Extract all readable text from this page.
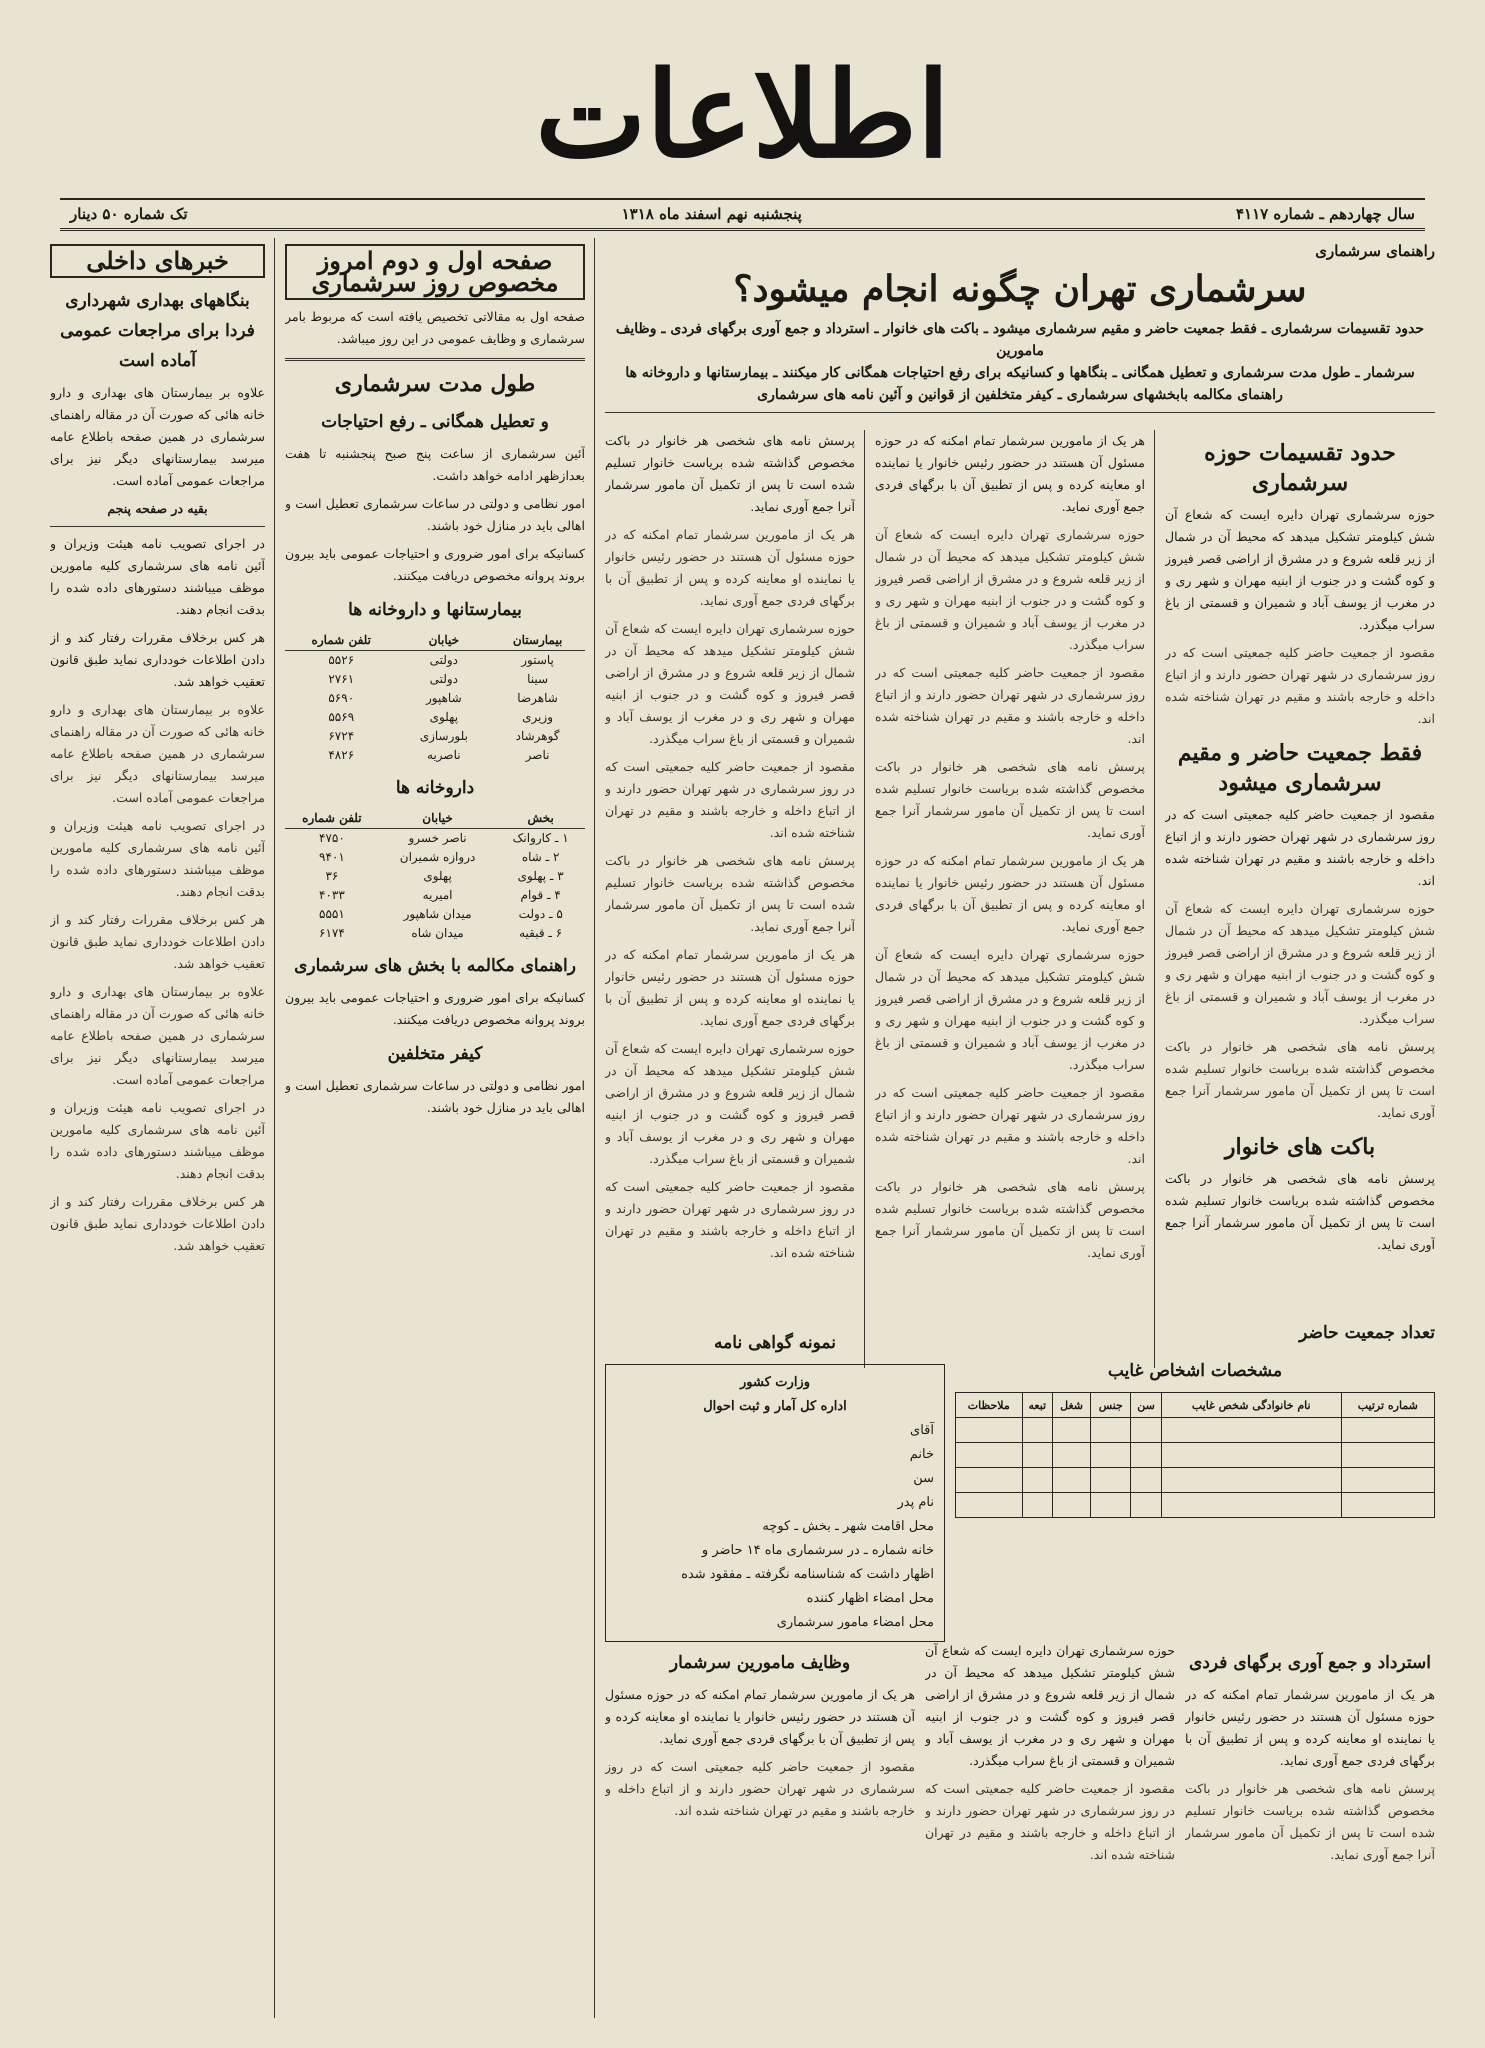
اطلاعات
سال چهاردهم ـ شماره ۴۱۱۷
پنجشنبه نهم اسفند ماه ۱۳۱۸
تک شماره ۵۰ دینار
راهنمای سرشماری
سرشماری تهران چگونه انجام میشود؟
حدود تقسیمات سرشماری ـ فقط جمعیت حاضر و مقیم سرشماری میشود ـ باکت های خانوار ـ استرداد و جمع آوری برگهای فردی ـ وظایف مامورین
سرشمار ـ طول مدت سرشماری و تعطیل همگانی ـ بنگاهها و کسانیکه برای رفع احتیاجات همگانی کار میکنند ـ بیمارستانها و داروخانه ها
راهنمای مکالمه بابخشهای سرشماری ـ کیفر متخلفین از قوانین و آئین نامه های سرشماری
حدود تقسیمات حوزه سرشماری

حوزه سرشماری تهران دایره ایست که شعاع آن شش کیلومتر تشکیل میدهد که محیط آن در شمال از زیر قلعه شروع و در مشرق از اراضی قصر فیروز و کوه گشت و در جنوب از ابنیه مهران و شهر ری و در مغرب از یوسف آباد و شمیران و قسمتی از باغ سراب میگذرد.

مقصود از جمعیت حاضر کلیه جمعیتی است که در روز سرشماری در شهر تهران حضور دارند و از اتباع داخله و خارجه باشند و مقیم در تهران شناخته شده اند.

فقط جمعیت حاضر و مقیم سرشماری میشود

مقصود از جمعیت حاضر کلیه جمعیتی است که در روز سرشماری در شهر تهران حضور دارند و از اتباع داخله و خارجه باشند و مقیم در تهران شناخته شده اند.

حوزه سرشماری تهران دایره ایست که شعاع آن شش کیلومتر تشکیل میدهد که محیط آن در شمال از زیر قلعه شروع و در مشرق از اراضی قصر فیروز و کوه گشت و در جنوب از ابنیه مهران و شهر ری و در مغرب از یوسف آباد و شمیران و قسمتی از باغ سراب میگذرد.

پرسش نامه های شخصی هر خانوار در باکت مخصوص گذاشته شده بریاست خانوار تسلیم شده است تا پس از تکمیل آن مامور سرشمار آنرا جمع آوری نماید.

باکت های خانوار

پرسش نامه های شخصی هر خانوار در باکت مخصوص گذاشته شده بریاست خانوار تسلیم شده است تا پس از تکمیل آن مامور سرشمار آنرا جمع آوری نماید.

هر یک از مامورین سرشمار تمام امکنه که در حوزه مسئول آن هستند در حضور رئیس خانوار یا نماینده او معاینه کرده و پس از تطبیق آن با برگهای فردی جمع آوری نماید.

حوزه سرشماری تهران دایره ایست که شعاع آن شش کیلومتر تشکیل میدهد که محیط آن در شمال از زیر قلعه شروع و در مشرق از اراضی قصر فیروز و کوه گشت و در جنوب از ابنیه مهران و شهر ری و در مغرب از یوسف آباد و شمیران و قسمتی از باغ سراب میگذرد.

مقصود از جمعیت حاضر کلیه جمعیتی است که در روز سرشماری در شهر تهران حضور دارند و از اتباع داخله و خارجه باشند و مقیم در تهران شناخته شده اند.

پرسش نامه های شخصی هر خانوار در باکت مخصوص گذاشته شده بریاست خانوار تسلیم شده است تا پس از تکمیل آن مامور سرشمار آنرا جمع آوری نماید.

هر یک از مامورین سرشمار تمام امکنه که در حوزه مسئول آن هستند در حضور رئیس خانوار یا نماینده او معاینه کرده و پس از تطبیق آن با برگهای فردی جمع آوری نماید.

حوزه سرشماری تهران دایره ایست که شعاع آن شش کیلومتر تشکیل میدهد که محیط آن در شمال از زیر قلعه شروع و در مشرق از اراضی قصر فیروز و کوه گشت و در جنوب از ابنیه مهران و شهر ری و در مغرب از یوسف آباد و شمیران و قسمتی از باغ سراب میگذرد.

مقصود از جمعیت حاضر کلیه جمعیتی است که در روز سرشماری در شهر تهران حضور دارند و از اتباع داخله و خارجه باشند و مقیم در تهران شناخته شده اند.

پرسش نامه های شخصی هر خانوار در باکت مخصوص گذاشته شده بریاست خانوار تسلیم شده است تا پس از تکمیل آن مامور سرشمار آنرا جمع آوری نماید.

پرسش نامه های شخصی هر خانوار در باکت مخصوص گذاشته شده بریاست خانوار تسلیم شده است تا پس از تکمیل آن مامور سرشمار آنرا جمع آوری نماید.

هر یک از مامورین سرشمار تمام امکنه که در حوزه مسئول آن هستند در حضور رئیس خانوار یا نماینده او معاینه کرده و پس از تطبیق آن با برگهای فردی جمع آوری نماید.

حوزه سرشماری تهران دایره ایست که شعاع آن شش کیلومتر تشکیل میدهد که محیط آن در شمال از زیر قلعه شروع و در مشرق از اراضی قصر فیروز و کوه گشت و در جنوب از ابنیه مهران و شهر ری و در مغرب از یوسف آباد و شمیران و قسمتی از باغ سراب میگذرد.

مقصود از جمعیت حاضر کلیه جمعیتی است که در روز سرشماری در شهر تهران حضور دارند و از اتباع داخله و خارجه باشند و مقیم در تهران شناخته شده اند.

پرسش نامه های شخصی هر خانوار در باکت مخصوص گذاشته شده بریاست خانوار تسلیم شده است تا پس از تکمیل آن مامور سرشمار آنرا جمع آوری نماید.

هر یک از مامورین سرشمار تمام امکنه که در حوزه مسئول آن هستند در حضور رئیس خانوار یا نماینده او معاینه کرده و پس از تطبیق آن با برگهای فردی جمع آوری نماید.

حوزه سرشماری تهران دایره ایست که شعاع آن شش کیلومتر تشکیل میدهد که محیط آن در شمال از زیر قلعه شروع و در مشرق از اراضی قصر فیروز و کوه گشت و در جنوب از ابنیه مهران و شهر ری و در مغرب از یوسف آباد و شمیران و قسمتی از باغ سراب میگذرد.

مقصود از جمعیت حاضر کلیه جمعیتی است که در روز سرشماری در شهر تهران حضور دارند و از اتباع داخله و خارجه باشند و مقیم در تهران شناخته شده اند.

تعداد جمعیت حاضر
مشخصات اشخاص غایب
شماره ترتیب	نام خانوادگی شخص غایب	سن	جنس	شغل	تبعه	ملاحظات

نمونه گواهی نامه
وزارت کشور
اداره کل آمار و ثبت احوال
آقای
خانم
سن
نام پدر
محل اقامت شهر ـ بخش ـ کوچه
خانه شماره ـ در سرشماری ماه ۱۴ حاضر و
اظهار داشت که شناسنامه نگرفته ـ مفقود شده
محل امضاء اظهار کننده
محل امضاء مامور سرشماری
استرداد و جمع آوری برگهای فردی

هر یک از مامورین سرشمار تمام امکنه که در حوزه مسئول آن هستند در حضور رئیس خانوار یا نماینده او معاینه کرده و پس از تطبیق آن با برگهای فردی جمع آوری نماید.

پرسش نامه های شخصی هر خانوار در باکت مخصوص گذاشته شده بریاست خانوار تسلیم شده است تا پس از تکمیل آن مامور سرشمار آنرا جمع آوری نماید.

حوزه سرشماری تهران دایره ایست که شعاع آن شش کیلومتر تشکیل میدهد که محیط آن در شمال از زیر قلعه شروع و در مشرق از اراضی قصر فیروز و کوه گشت و در جنوب از ابنیه مهران و شهر ری و در مغرب از یوسف آباد و شمیران و قسمتی از باغ سراب میگذرد.

مقصود از جمعیت حاضر کلیه جمعیتی است که در روز سرشماری در شهر تهران حضور دارند و از اتباع داخله و خارجه باشند و مقیم در تهران شناخته شده اند.

وظایف مامورین سرشمار

هر یک از مامورین سرشمار تمام امکنه که در حوزه مسئول آن هستند در حضور رئیس خانوار یا نماینده او معاینه کرده و پس از تطبیق آن با برگهای فردی جمع آوری نماید.

مقصود از جمعیت حاضر کلیه جمعیتی است که در روز سرشماری در شهر تهران حضور دارند و از اتباع داخله و خارجه باشند و مقیم در تهران شناخته شده اند.

صفحه اول و دوم امروز مخصوص روز سرشماری

صفحه اول به مقالاتی تخصیص یافته است که مربوط بامر سرشماری و وظایف عمومی در این روز میباشد.

طول مدت سرشماری
و تعطیل همگانی ـ رفع احتیاجات

آئین سرشماری از ساعت پنج صبح پنجشنبه تا هفت بعدازظهر ادامه خواهد داشت.

امور نظامی و دولتی در ساعات سرشماری تعطیل است و اهالی باید در منازل خود باشند.

کسانیکه برای امور ضروری و احتیاجات عمومی باید بیرون بروند پروانه مخصوص دریافت میکنند.

بیمارستانها و داروخانه ها
بیمارستان	خیابان	تلفن شماره
پاستور	دولتی	۵۵۲۶
سینا	دولتی	۲۷۶۱
شاهرضا	شاهپور	۵۶۹۰
وزیری	پهلوی	۵۵۶۹
گوهرشاد	بلورسازی	۶۷۲۴
ناصر	ناصریه	۴۸۲۶
داروخانه ها
بخش	خیابان	تلفن شماره
۱ ـ کاروانک	ناصر خسرو	۴۷۵۰
۲ ـ شاه	دروازه شمیران	۹۴۰۱
۳ ـ پهلوی	پهلوی	۳۶
۴ ـ قوام	امیریه	۴۰۳۳
۵ ـ دولت	میدان شاهپور	۵۵۵۱
۶ ـ قبقیه	میدان شاه	۶۱۷۴
راهنمای مکالمه با بخش های سرشماری

کسانیکه برای امور ضروری و احتیاجات عمومی باید بیرون بروند پروانه مخصوص دریافت میکنند.

کیفر متخلفین

امور نظامی و دولتی در ساعات سرشماری تعطیل است و اهالی باید در منازل خود باشند.

خبرهای داخلی
بنگاههای بهداری شهرداری فردا برای مراجعات عمومی آماده است

علاوه بر بیمارستان های بهداری و دارو خانه هائی که صورت آن در مقاله راهنمای سرشماری در همین صفحه باطلاع عامه میرسد بیمارستانهای دیگر نیز برای مراجعات عمومی آماده است.

بقیه در صفحه پنجم

در اجرای تصویب نامه هیئت وزیران و آئین نامه های سرشماری کلیه مامورین موظف میباشند دستورهای داده شده را بدقت انجام دهند.

هر کس برخلاف مقررات رفتار کند و از دادن اطلاعات خودداری نماید طبق قانون تعقیب خواهد شد.

علاوه بر بیمارستان های بهداری و دارو خانه هائی که صورت آن در مقاله راهنمای سرشماری در همین صفحه باطلاع عامه میرسد بیمارستانهای دیگر نیز برای مراجعات عمومی آماده است.

در اجرای تصویب نامه هیئت وزیران و آئین نامه های سرشماری کلیه مامورین موظف میباشند دستورهای داده شده را بدقت انجام دهند.

هر کس برخلاف مقررات رفتار کند و از دادن اطلاعات خودداری نماید طبق قانون تعقیب خواهد شد.

علاوه بر بیمارستان های بهداری و دارو خانه هائی که صورت آن در مقاله راهنمای سرشماری در همین صفحه باطلاع عامه میرسد بیمارستانهای دیگر نیز برای مراجعات عمومی آماده است.

در اجرای تصویب نامه هیئت وزیران و آئین نامه های سرشماری کلیه مامورین موظف میباشند دستورهای داده شده را بدقت انجام دهند.

هر کس برخلاف مقررات رفتار کند و از دادن اطلاعات خودداری نماید طبق قانون تعقیب خواهد شد.
